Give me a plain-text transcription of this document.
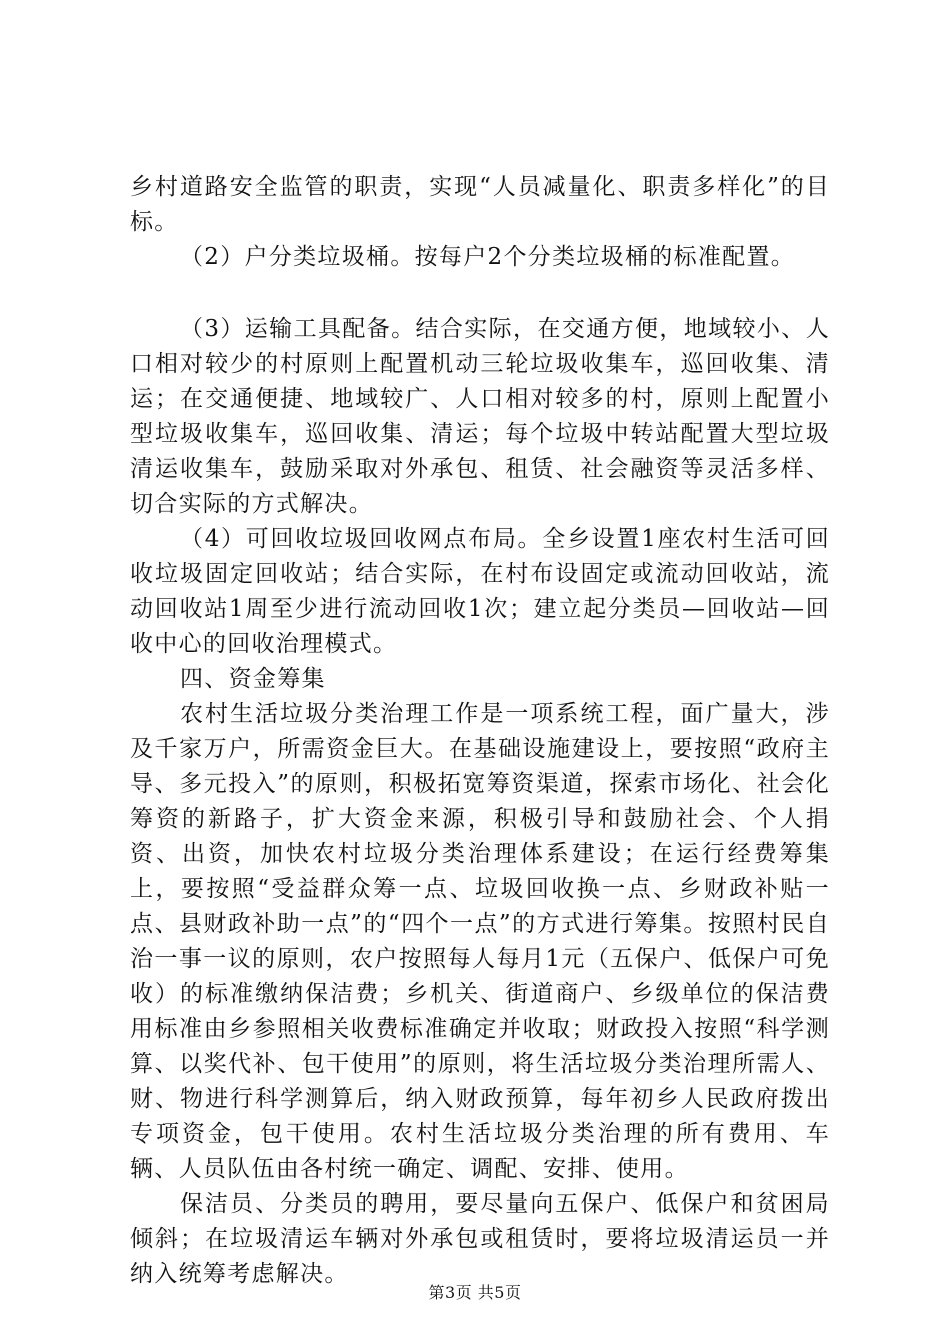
乡村道路安全监管的职责，实现“人员减量化、职责多样化”的目标。

（2）户分类垃圾桶。按每户2个分类垃圾桶的标准配置。

（3）运输工具配备。结合实际，在交通方便，地域较小、人口相对较少的村原则上配置机动三轮垃圾收集车，巡回收集、清运；在交通便捷、地域较广、人口相对较多的村，原则上配置小型垃圾收集车，巡回收集、清运；每个垃圾中转站配置大型垃圾清运收集车，鼓励采取对外承包、租赁、社会融资等灵活多样、切合实际的方式解决。

（4）可回收垃圾回收网点布局。全乡设置1座农村生活可回收垃圾固定回收站；结合实际，在村布设固定或流动回收站，流动回收站1周至少进行流动回收1次；建立起分类员—回收站—回收中心的回收治理模式。

四、资金筹集

农村生活垃圾分类治理工作是一项系统工程，面广量大，涉及千家万户，所需资金巨大。在基础设施建设上，要按照“政府主导、多元投入”的原则，积极拓宽筹资渠道，探索市场化、社会化筹资的新路子，扩大资金来源，积极引导和鼓励社会、个人捐资、出资，加快农村垃圾分类治理体系建设；在运行经费筹集上，要按照“受益群众筹一点、垃圾回收换一点、乡财政补贴一点、县财政补助一点”的“四个一点”的方式进行筹集。按照村民自治一事一议的原则，农户按照每人每月1元（五保户、低保户可免收）的标准缴纳保洁费；乡机关、街道商户、乡级单位的保洁费用标准由乡参照相关收费标准确定并收取；财政投入按照“科学测算、以奖代补、包干使用”的原则，将生活垃圾分类治理所需人、财、物进行科学测算后，纳入财政预算，每年初乡人民政府拨出专项资金，包干使用。农村生活垃圾分类治理的所有费用、车辆、人员队伍由各村统一确定、调配、安排、使用。

保洁员、分类员的聘用，要尽量向五保户、低保户和贫困局倾斜；在垃圾清运车辆对外承包或租赁时，要将垃圾清运员一并纳入统筹考虑解决。

第3页 共5页
